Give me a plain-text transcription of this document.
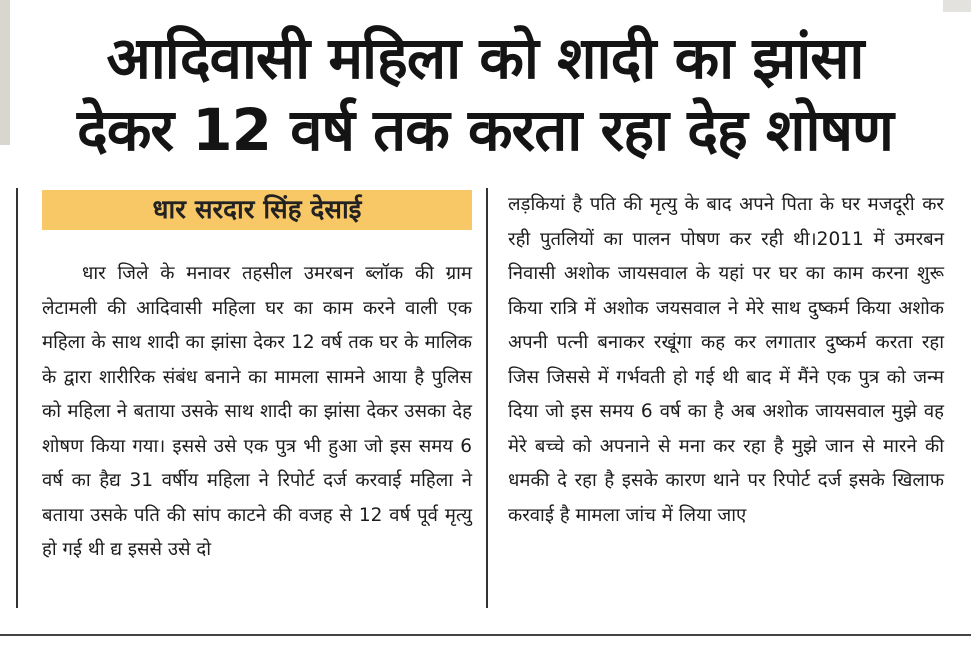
आदिवासी महिला को शादी का झांसा
देकर 12 वर्ष तक करता रहा देह शोषण
धार सरदार सिंह देसाई
धार जिले के मनावर तहसील उमरबन ब्लॉक की ग्राम लेटामली की आदिवासी महिला घर का काम करने वाली एक महिला के साथ शादी का झांसा देकर 12 वर्ष तक घर के मालिक के द्वारा शारीरिक संबंध बनाने का मामला सामने आया है पुलिस को महिला ने बताया उसके साथ शादी का झांसा देकर उसका देह शोषण किया गया। इससे उसे एक पुत्र भी हुआ जो इस समय 6 वर्ष का हैद्य 31 वर्षीय महिला ने रिपोर्ट दर्ज करवाई महिला ने बताया उसके पति की सांप काटने की वजह से 12 वर्ष पूर्व मृत्यु हो गई थी द्य इससे उसे दो
लड़कियां है पति की मृत्यु के बाद अपने पिता के घर मजदूरी कर रही पुतलियों का पालन पोषण कर रही थी।2011 में उमरबन निवासी अशोक जायसवाल के यहां पर घर का काम करना शुरू किया रात्रि में अशोक जयसवाल ने मेरे साथ दुष्कर्म किया अशोक अपनी पत्नी बनाकर रखूंगा कह कर लगातार दुष्कर्म करता रहा जिस जिससे में गर्भवती हो गई थी बाद में मैंने एक पुत्र को जन्म दिया जो इस समय 6 वर्ष का है अब अशोक जायसवाल मुझे वह मेरे बच्चे को अपनाने से मना कर रहा है मुझे जान से मारने की धमकी दे रहा है इसके कारण थाने पर रिपोर्ट दर्ज इसके खिलाफ करवाई है मामला जांच में लिया जाए
